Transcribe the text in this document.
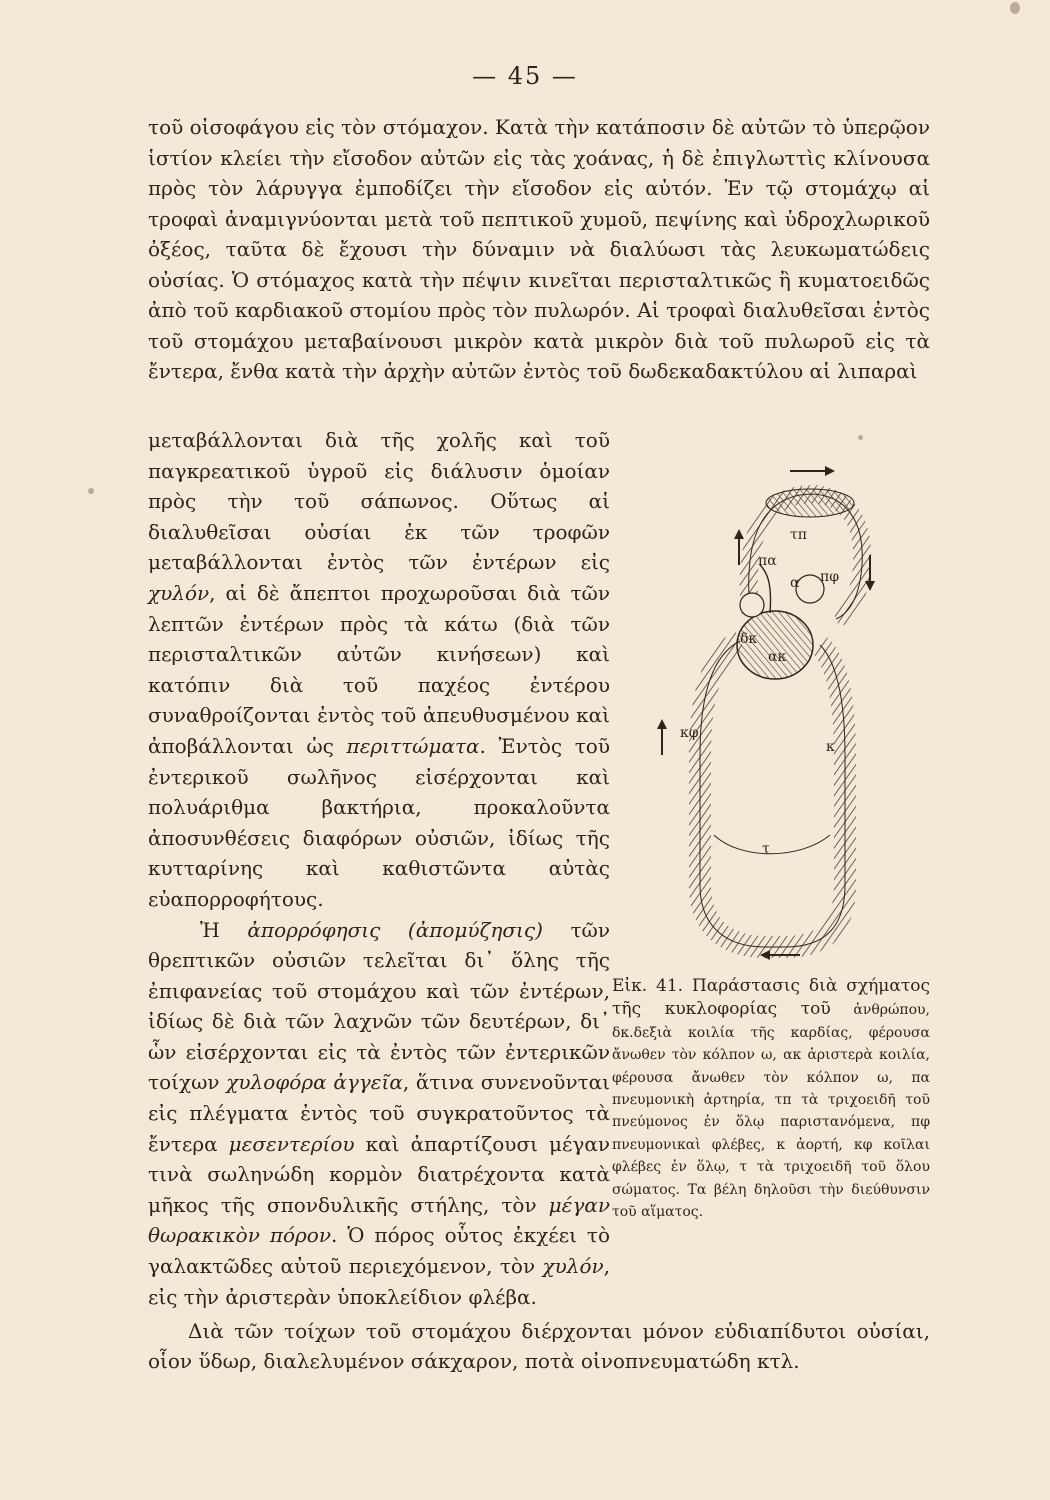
— 45 —

τοῦ οἰσοφάγου εἰς τὸν στόμαχον. Κατὰ τὴν κατάποσιν δὲ αὐτῶν τὸ ὑπερῷον ἱστίον κλείει τὴν εἴσοδον αὐτῶν εἰς τὰς χοάνας, ἡ δὲ ἐπιγλωττὶς κλίνουσα πρὸς τὸν λάρυγγα ἐμποδίζει τὴν εἴσοδον εἰς αὐτόν. Ἐν τῷ στομάχῳ αἱ τροφαὶ ἀναμιγνύονται μετὰ τοῦ πεπτικοῦ χυμοῦ, πεψίνης καὶ ὑδροχλωρικοῦ ὀξέος, ταῦτα δὲ ἔχουσι τὴν δύναμιν νὰ διαλύωσι τὰς λευκωματώδεις οὐσίας. Ὁ στόμαχος κατὰ τὴν πέψιν κινεῖται περισταλτικῶς ἢ κυματοειδῶς ἀπὸ τοῦ καρδιακοῦ στομίου πρὸς τὸν πυλωρόν. Αἱ τροφαὶ διαλυθεῖσαι ἐντὸς τοῦ στομάχου μεταβαίνουσι μικρὸν κατὰ μικρὸν διὰ τοῦ πυλωροῦ εἰς τὰ ἔντερα, ἔνθα κατὰ τὴν ἀρχὴν αὐτῶν ἐντὸς τοῦ δωδεκαδακτύλου αἱ λιπαραὶ

μεταβάλλονται διὰ τῆς χολῆς καὶ τοῦ παγκρεατικοῦ ὑγροῦ εἰς διάλυσιν ὁμοίαν πρὸς τὴν τοῦ σάπωνος. Οὕτως αἱ διαλυθεῖσαι οὐσίαι ἐκ τῶν τροφῶν μεταβάλλονται ἐντὸς τῶν ἐντέρων εἰς χυλόν, αἱ δὲ ἄπεπτοι προχωροῦσαι διὰ τῶν λεπτῶν ἐντέρων πρὸς τὰ κάτω (διὰ τῶν περισταλτικῶν αὐτῶν κινήσεων) καὶ κατόπιν διὰ τοῦ παχέος ἐντέρου συναθροίζονται ἐντὸς τοῦ ἀπευθυσμένου καὶ ἀποβάλλονται ὡς περιττώματα. Ἐντὸς τοῦ ἐντερικοῦ σωλῆνος εἰσέρχονται καὶ πολυάριθμα βακτήρια, προκαλοῦντα ἀποσυνθέσεις διαφόρων οὐσιῶν, ἰδίως τῆς κυτταρίνης καὶ καθιστῶντα αὐτὰς εὐαπορροφήτους.

Ἡ ἀπορρόφησις (ἀπομύζησις) τῶν θρεπτικῶν οὐσιῶν τελεῖται δι᾽ ὅλης τῆς ἐπιφανείας τοῦ στομάχου καὶ τῶν ἐντέρων, ἰδίως δὲ διὰ τῶν λαχνῶν τῶν δευτέρων, δι᾽ ὧν εἰσέρχονται εἰς τὰ ἐντὸς τῶν ἐντερικῶν τοίχων χυλοφόρα ἀγγεῖα, ἅτινα συνενοῦνται εἰς πλέγματα ἐντὸς τοῦ συγκρατοῦντος τὰ ἔντερα μεσεντερίου καὶ ἀπαρτίζουσι μέγαν τινὰ σωληνώδη κορμὸν διατρέχοντα κατὰ μῆκος τῆς σπονδυλικῆς στήλης, τὸν μέγαν θωρακικὸν πόρον. Ὁ πόρος οὗτος ἐκχέει τὸ γαλακτῶδες αὐτοῦ περιεχόμενον, τὸν χυλόν, εἰς τὴν ἀριστερὰν ὑποκλείδιον φλέβα.

τπ
πα
α πφ
δκ
ακ
κφ
κ
τ

Εἰκ. 41. Παράστασις διὰ σχήματος τῆς κυκλοφορίας τοῦ ἀνθρώπου, δκ.δεξιὰ κοιλία τῆς καρδίας, φέρουσα ἄνωθεν τὸν κόλπον ω, ακ ἀριστερὰ κοιλία, φέρουσα ἄνωθεν τὸν κόλπον ω, πα πνευμονικὴ ἀρτηρία, τπ τὰ τριχοειδῆ τοῦ πνεύμονος ἐν ὅλῳ παριστανόμενα, πφ πνευμονικαὶ φλέβες, κ ἀορτή, κφ κοῖλαι φλέβες ἐν ὅλῳ, τ τὰ τριχοειδῆ τοῦ ὅλου σώματος. Τα βέλη δηλοῦσι τὴν διεύθυνσιν τοῦ αἵματος.

Διὰ τῶν τοίχων τοῦ στομάχου διέρχονται μόνον εὐδιαπίδυτοι οὐσίαι, οἷον ὕδωρ, διαλελυμένον σάκχαρον, ποτὰ οἰνοπνευματώδη κτλ.
